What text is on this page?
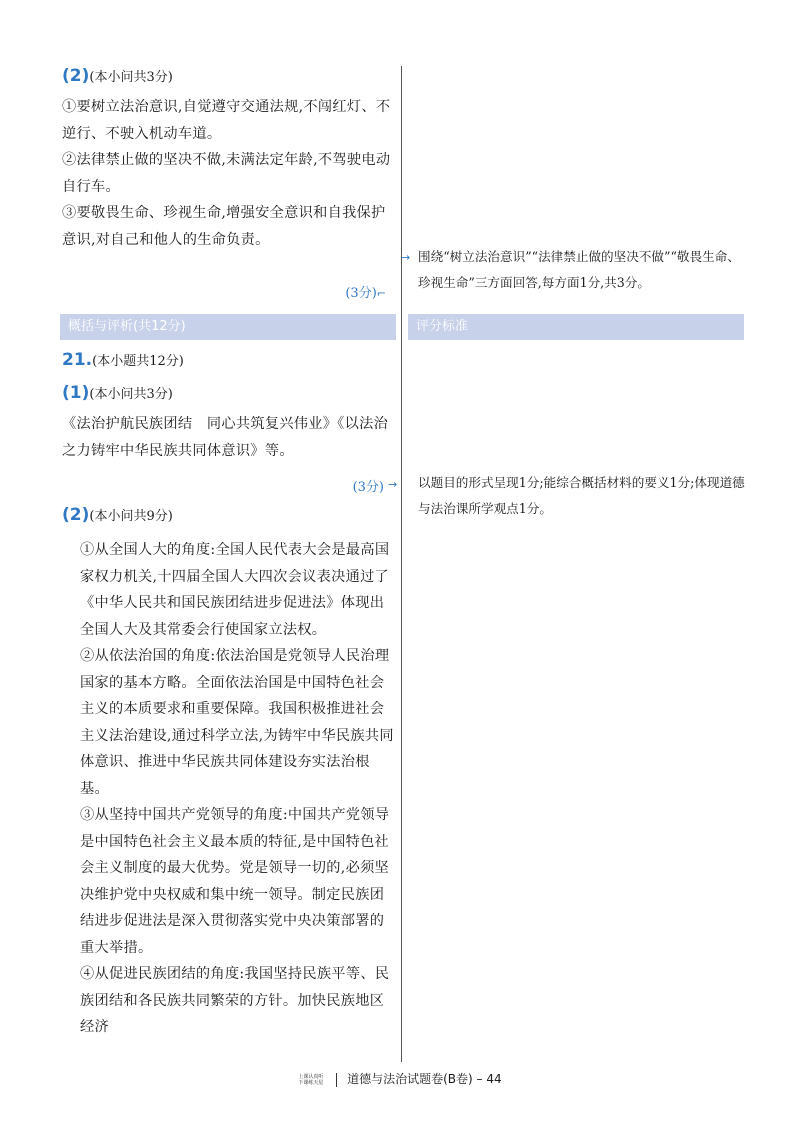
(2)(本小问共3分)

①要树立法治意识,自觉遵守交通法规,不闯红灯、不逆行、不驶入机动车道。

②法律禁止做的坚决不做,未满法定年龄,不驾驶电动自行车。

③要敬畏生命、珍视生命,增强安全意识和自我保护意识,对自己和他人的生命负责。

(3分)⌐
→ 围绕“树立法治意识”“法律禁止做的坚决不做”“敬畏生命、珍视生命”三方面回答,每方面1分,共3分。

概括与评析(共12分)	评分标准
21.(本小题共12分)
(1)(本小问共3分)

《法治护航民族团结　同心共筑复兴伟业》《以法治之力铸牢中华民族共同体意识》等。

(3分) → 以题目的形式呈现1分;能综合概括材料的要义1分;体现道德与法治课所学观点1分。

(2)(本小问共9分)

①从全国人大的角度:全国人民代表大会是最高国家权力机关,十四届全国人大四次会议表决通过了《中华人民共和国民族团结进步促进法》体现出全国人大及其常委会行使国家立法权。

②从依法治国的角度:依法治国是党领导人民治理国家的基本方略。全面依法治国是中国特色社会主义的本质要求和重要保障。我国积极推进社会主义法治建设,通过科学立法,为铸牢中华民族共同体意识、推进中华民族共同体建设夯实法治根基。

③从坚持中国共产党领导的角度:中国共产党领导是中国特色社会主义最本质的特征,是中国特色社会主义制度的最大优势。党是领导一切的,必须坚决维护党中央权威和集中统一领导。制定民族团结进步促进法是深入贯彻落实党中央决策部署的重大举措。

④从促进民族团结的角度:我国坚持民族平等、民族团结和各民族共同繁荣的方针。加快民族地区经济

上课认真听
下课练天星 道德与法治试题卷(B卷) – 44
